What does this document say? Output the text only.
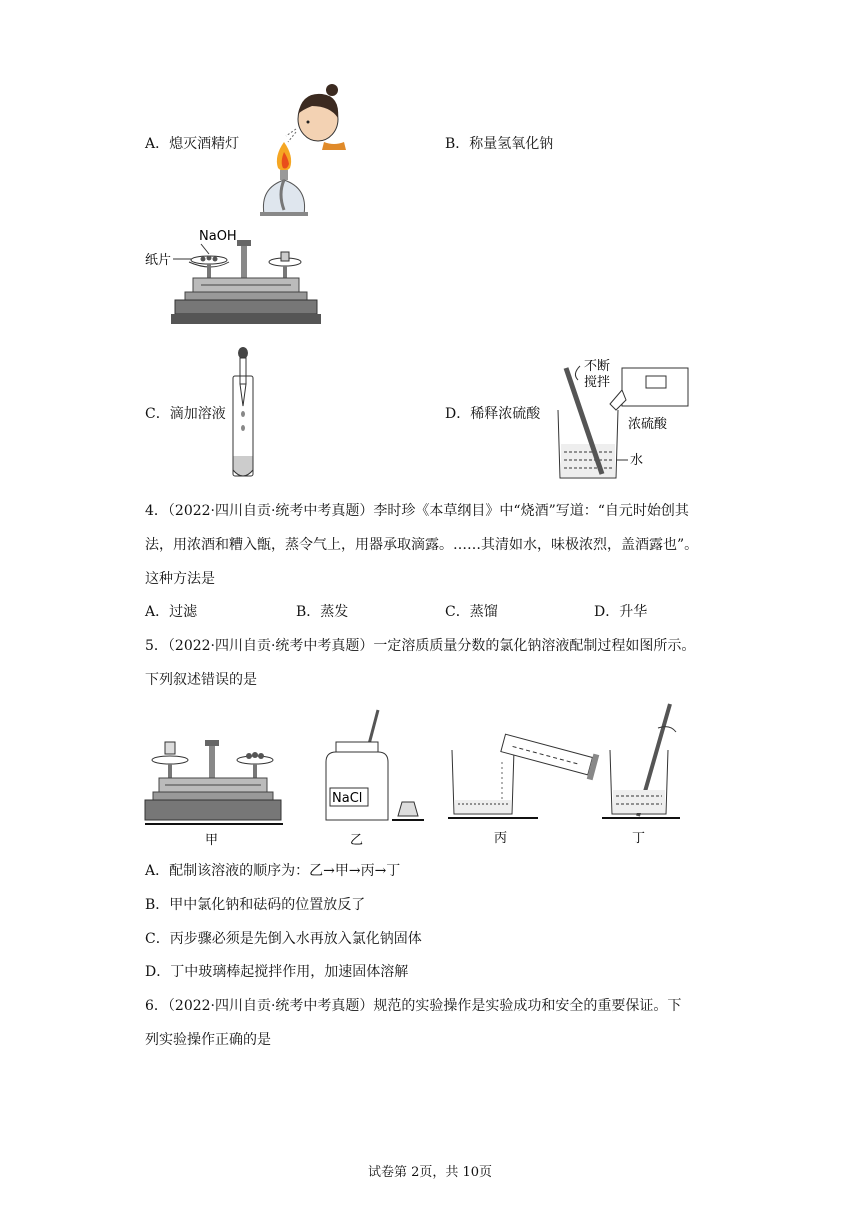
A．熄灭酒精灯	B．称量氢氧化钠
NaOH
纸片
C．滴加溶液	D．稀释浓硫酸
不断
搅拌
浓硫酸
水
4．（2022·四川自贡·统考中考真题）李时珍《本草纲目》中“烧酒”写道：“自元时始创其
法，用浓酒和糟入甑，蒸令气上，用器承取滴露。……其清如水，味极浓烈，盖酒露也”。
这种方法是
A．过滤	B．蒸发	C．蒸馏	D．升华
5．（2022·四川自贡·统考中考真题）一定溶质质量分数的氯化钠溶液配制过程如图所示。
下列叙述错误的是
甲
NaCl
乙	丙	丁
A．配制该溶液的顺序为：乙→甲→丙→丁
B．甲中氯化钠和砝码的位置放反了
C．丙步骤必须是先倒入水再放入氯化钠固体
D．丁中玻璃棒起搅拌作用，加速固体溶解
6．（2022·四川自贡·统考中考真题）规范的实验操作是实验成功和安全的重要保证。下
列实验操作正确的是
试卷第 2页，共 10页
